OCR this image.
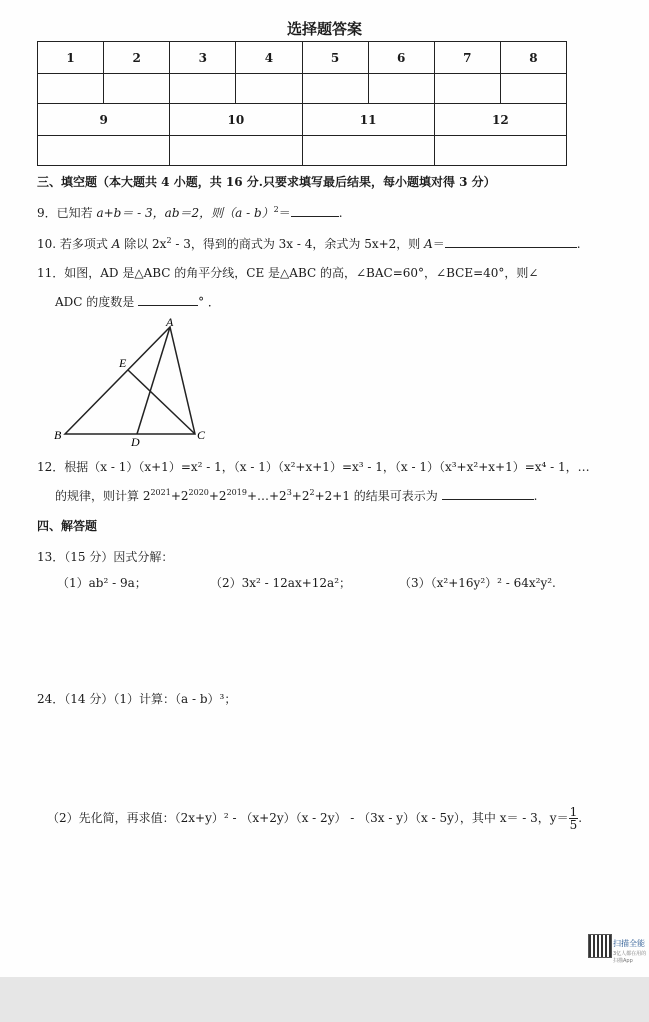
选择题答案
1	2	3	4	5	6	7	8

9		10		11		12	

三、填空题（本大题共 4 小题，共 16 分.只要求填写最后结果，每小题填对得 3 分）
9．已知若 a+b＝ - 3，ab＝2，则（a - b）$^2$＝	.
10. 若多项式 A 除以 $2x^2 - 3$，得到的商式为 3x - 4，余式为 5x+2，则 A＝	.
11．如图，AD 是△ABC 的角平分线，CE 是△ABC 的高，∠BAC=60°，∠BCE=40°，则∠
ADC 的度数是	° ．
A
E
B	D	C
12．根据（x - 1）（x+1）=x² - 1，（x - 1）（x²+x+1）=x³ - 1，（x - 1）（x³+x²+x+1）=x⁴ - 1，…
的规律，则计算 $2^{2021}+2^{2020}+2^{2019}+\dots+2^3+2^2+2+1$ 的结果可表示为	.
四、解答题
13．（15 分）因式分解：
（1）ab² - 9a；	（2）3x² - 12ax+12a²；	（3）（x²+16y²）² - 64x²y².
24．（14 分）（1）计算：（a - b）³；
（2）先化简，再求值：（2x+y）² - （x+2y）（x - 2y） - （3x - y）（x - 5y），其中 x＝ - 3，$y= \frac{1}{5}$ .
扫描全能
3亿人都在用的扫描App
